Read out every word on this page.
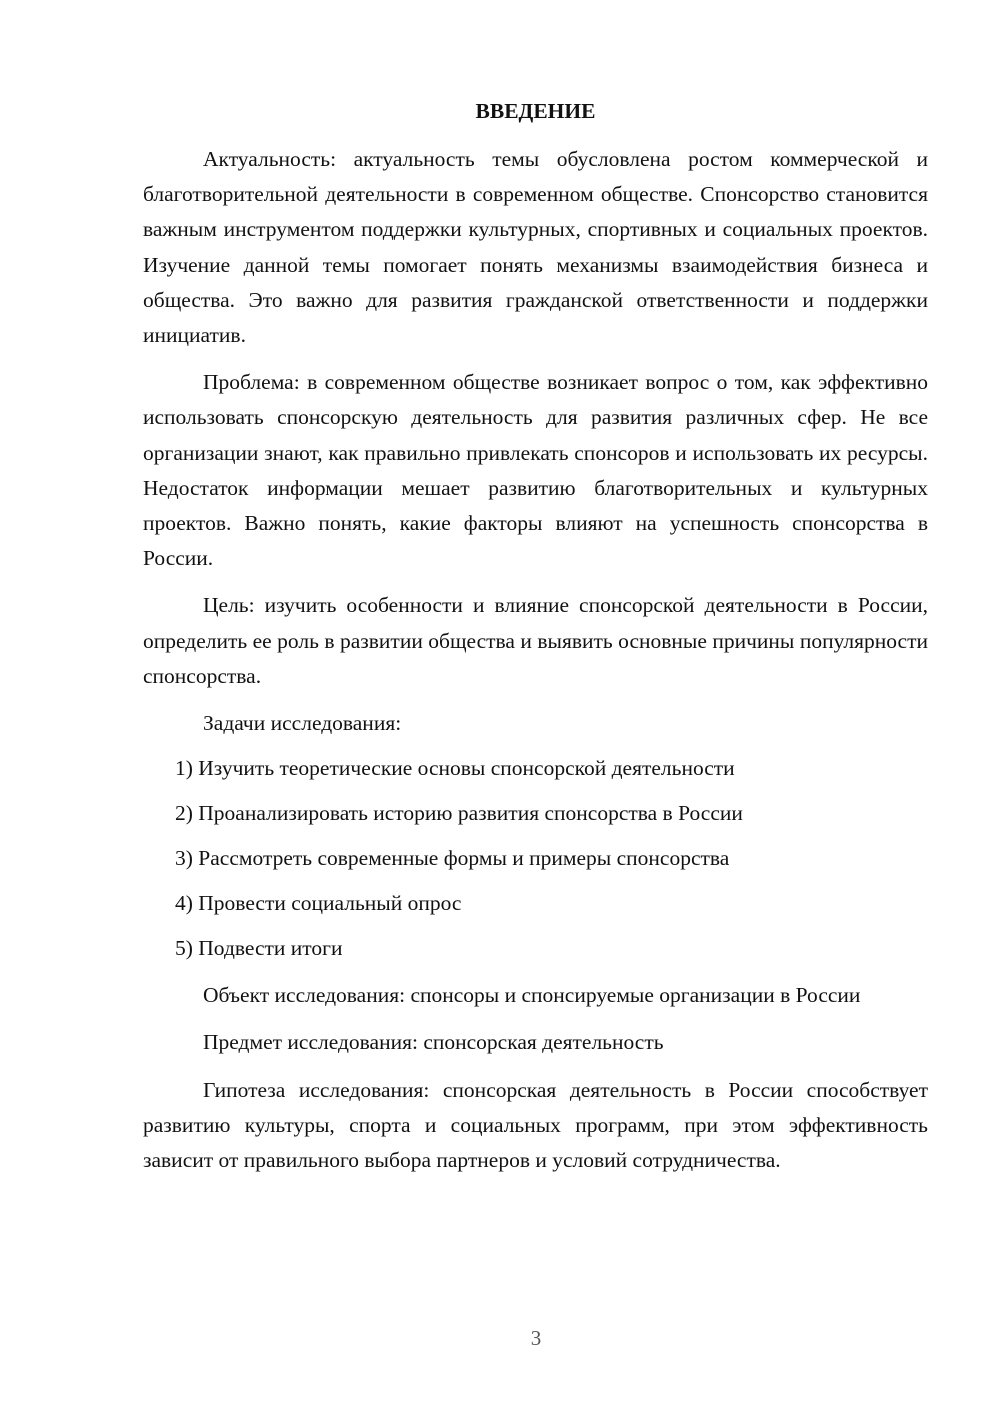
ВВЕДЕНИЕ

Актуальность: актуальность темы обусловлена ростом коммерческой и благотворительной деятельности в современном обществе. Спонсорство становится важным инструментом поддержки культурных, спортивных и социальных проектов. Изучение данной темы помогает понять механизмы взаимодействия бизнеса и общества. Это важно для развития гражданской ответственности и поддержки инициатив.

Проблема: в современном обществе возникает вопрос о том, как эффективно использовать спонсорскую деятельность для развития различных сфер. Не все организации знают, как правильно привлекать спонсоров и использовать их ресурсы. Недостаток информации мешает развитию благотворительных и культурных проектов. Важно понять, какие факторы влияют на успешность спонсорства в России.

Цель: изучить особенности и влияние спонсорской деятельности в России, определить ее роль в развитии общества и выявить основные причины популярности спонсорства.

Задачи исследования:

1) Изучить теоретические основы спонсорской деятельности
2) Проанализировать историю развития спонсорства в России
3) Рассмотреть современные формы и примеры спонсорства
4) Провести социальный опрос
5) Подвести итоги

Объект исследования: спонсоры и спонсируемые организации в России

Предмет исследования: спонсорская деятельность

Гипотеза исследования: спонсорская деятельность в России способствует развитию культуры, спорта и социальных программ, при этом эффективность зависит от правильного выбора партнеров и условий сотрудничества.

3
